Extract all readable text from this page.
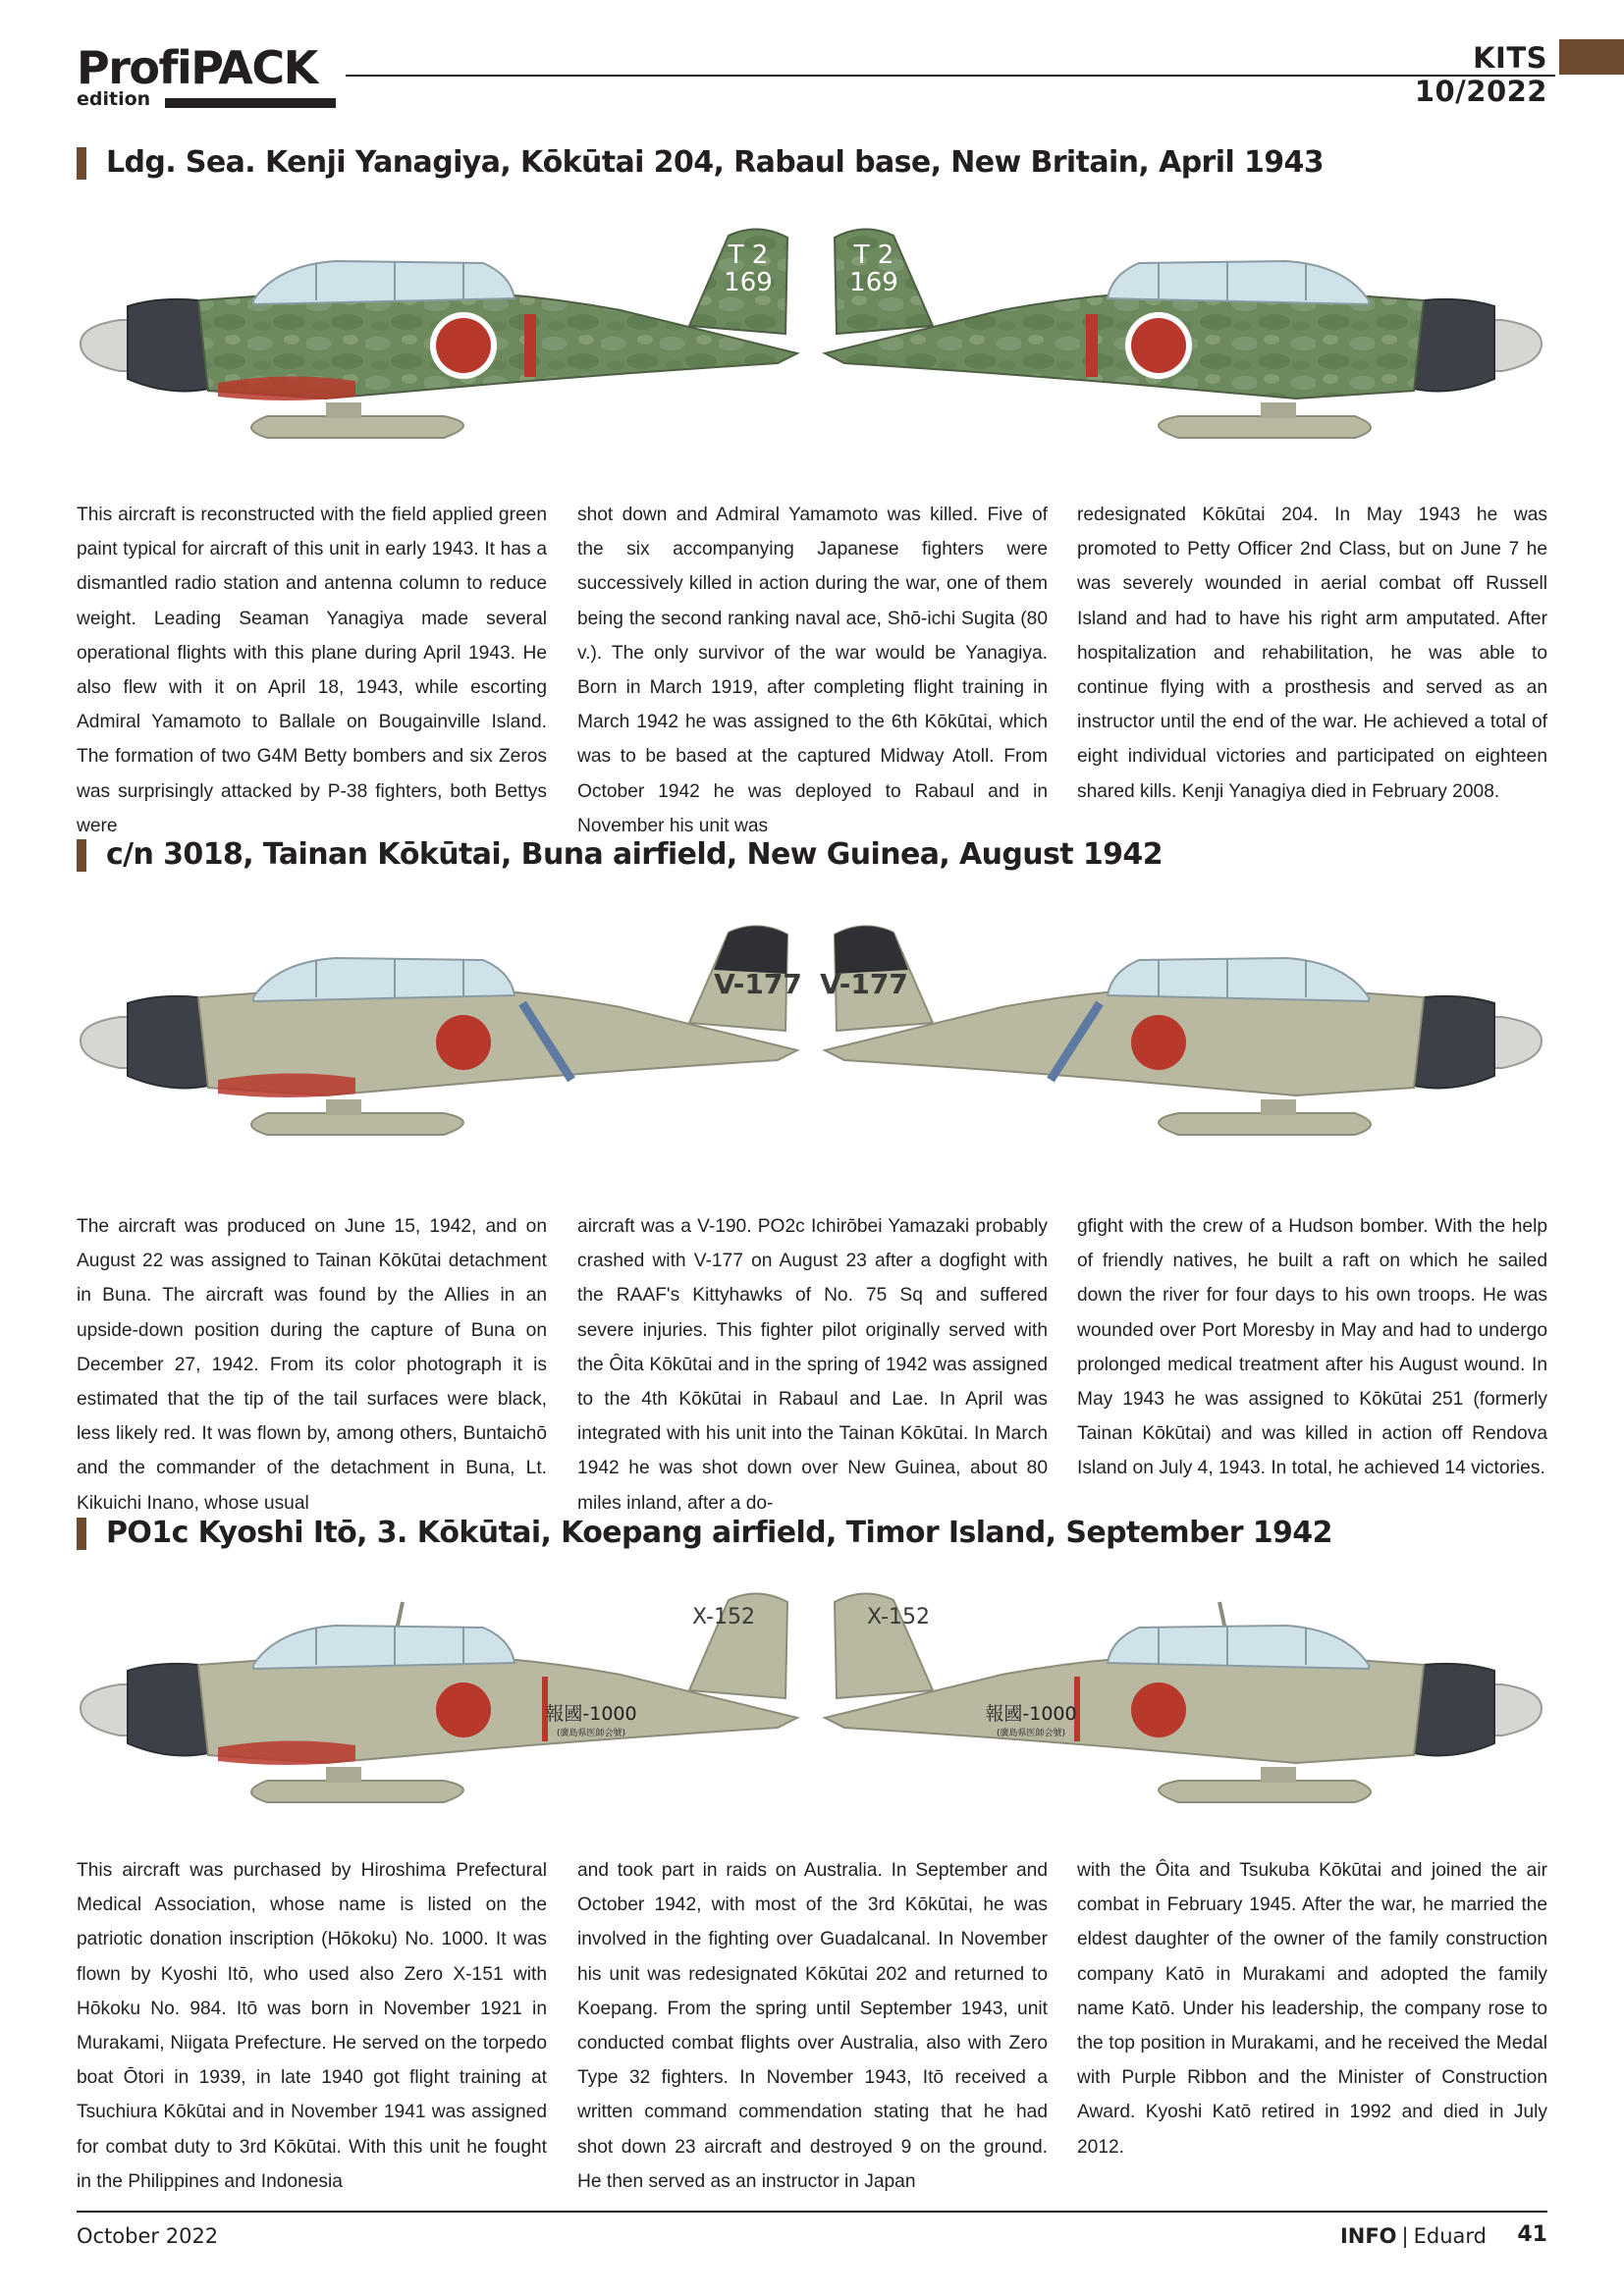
ProfiPACK
edition
KITS 10/2022
Ldg. Sea. Kenji Yanagiya, Kōkūtai 204, Rabaul base, New Britain, April 1943
T 2
169
T 2
169
This aircraft is reconstructed with the field applied green paint typical for aircraft of this unit in early 1943. It has a dismantled radio station and antenna column to reduce weight. Leading Seaman Yanagiya made several operational flights with this plane during April 1943. He also flew with it on April 18, 1943, while escorting Admiral Yamamoto to Ballale on Bougainville Island. The formation of two G4M Betty bombers and six Zeros was surprisingly attacked by P-38 fighters, both Bettys were
shot down and Admiral Yamamoto was killed. Five of the six accompanying Japanese fighters were successively killed in action during the war, one of them being the second ranking naval ace, Shō-ichi Sugita (80 v.). The only survivor of the war would be Yanagiya. Born in March 1919, after completing flight training in March 1942 he was assigned to the 6th Kōkūtai, which was to be based at the captured Midway Atoll. From October 1942 he was deployed to Rabaul and in November his unit was
redesignated Kōkūtai 204. In May 1943 he was promoted to Petty Officer 2nd Class, but on June 7 he was severely wounded in aerial combat off Russell Island and had to have his right arm amputated. After hospitalization and rehabilitation, he was able to continue flying with a prosthesis and served as an instructor until the end of the war. He achieved a total of eight individual victories and participated on eighteen shared kills. Kenji Yanagiya died in February 2008.
c/n 3018, Tainan Kōkūtai, Buna airfield, New Guinea, August 1942
V-177 V-177
The aircraft was produced on June 15, 1942, and on August 22 was assigned to Tainan Kōkūtai detachment in Buna. The aircraft was found by the Allies in an upside-down position during the capture of Buna on December 27, 1942. From its color photograph it is estimated that the tip of the tail surfaces were black, less likely red. It was flown by, among others, Buntaichō and the commander of the detachment in Buna, Lt. Kikuichi Inano, whose usual
aircraft was a V-190. PO2c Ichirōbei Yamazaki probably crashed with V-177 on August 23 after a dogfight with the RAAF's Kittyhawks of No. 75 Sq and suffered severe injuries. This fighter pilot originally served with the Ôita Kōkūtai and in the spring of 1942 was assigned to the 4th Kōkūtai in Rabaul and Lae. In April was integrated with his unit into the Tainan Kōkūtai. In March 1942 he was shot down over New Guinea, about 80 miles inland, after a do-
gfight with the crew of a Hudson bomber. With the help of friendly natives, he built a raft on which he sailed down the river for four days to his own troops. He was wounded over Port Moresby in May and had to undergo prolonged medical treatment after his August wound. In May 1943 he was assigned to Kōkūtai 251 (formerly Tainan Kōkūtai) and was killed in action off Rendova Island on July 4, 1943. In total, he achieved 14 victories.
PO1c Kyoshi Itō, 3. Kōkūtai, Koepang airfield, Timor Island, September 1942
X-152
報國-1000
(廣島県医師会號)
X-152
報國-1000
(廣島県医師会號)
This aircraft was purchased by Hiroshima Prefectural Medical Association, whose name is listed on the patriotic donation inscription (Hōkoku) No. 1000. It was flown by Kyoshi Itō, who used also Zero X-151 with Hōkoku No. 984. Itō was born in November 1921 in Murakami, Niigata Prefecture. He served on the torpedo boat Ōtori in 1939, in late 1940 got flight training at Tsuchiura Kōkūtai and in November 1941 was assigned for combat duty to 3rd Kōkūtai. With this unit he fought in the Philippines and Indonesia
and took part in raids on Australia. In September and October 1942, with most of the 3rd Kōkūtai, he was involved in the fighting over Guadalcanal. In November his unit was redesignated Kōkūtai 202 and returned to Koepang. From the spring until September 1943, unit conducted combat flights over Australia, also with Zero Type 32 fighters. In November 1943, Itō received a written command commendation stating that he had shot down 23 aircraft and destroyed 9 on the ground. He then served as an instructor in Japan
with the Ôita and Tsukuba Kōkūtai and joined the air combat in February 1945. After the war, he married the eldest daughter of the owner of the family construction company Katō in Murakami and adopted the family name Katō. Under his leadership, the company rose to the top position in Murakami, and he received the Medal with Purple Ribbon and the Minister of Construction Award. Kyoshi Katō retired in 1992 and died in July 2012.
October 2022	INFO | Eduard 41
